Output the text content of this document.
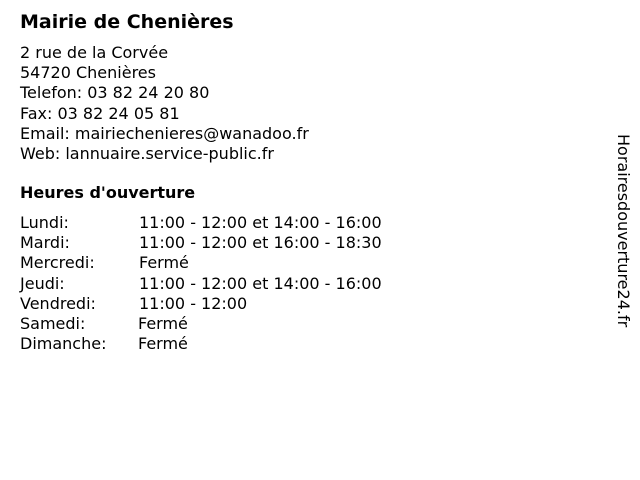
Mairie de Chenières
2 rue de la Corvée
54720 Chenières
Telefon: 03 82 24 20 80
Fax: 03 82 24 05 81
Email: mairiechenieres@wanadoo.fr
Web: lannuaire.service-public.fr
Heures d'ouverture
Lundi:	11:00 - 12:00 et 14:00 - 16:00
Mardi:	11:00 - 12:00 et 16:00 - 18:30
Mercredi:	Fermé
Jeudi:	11:00 - 12:00 et 14:00 - 16:00
Vendredi:	11:00 - 12:00
Samedi:	Fermé
Dimanche: Fermé
Horairesdouverture24.fr
